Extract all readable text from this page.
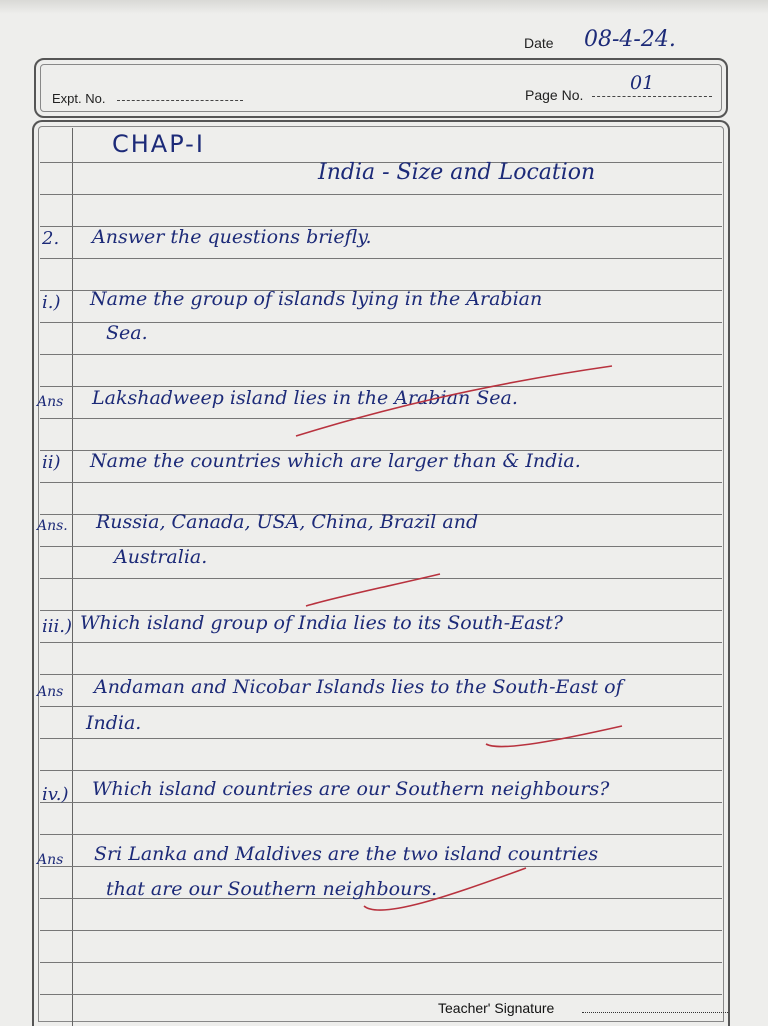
Date 08-4-24.
Expt. No.	Page No.
01
CHAP-I
India - Size and Location
2. Answer the questions briefly.
i.) Name the group of islands lying in the Arabian
Sea.
Ans Lakshadweep island lies in the Arabian Sea.
ii) Name the countries which are larger than & India.
Ans. Russia, Canada, USA, China, Brazil and
Australia.
iii.) Which island group of India lies to its South-East?
Ans Andaman and Nicobar Islands lies to the South-East of
India.
iv.) Which island countries are our Southern neighbours?
Ans Sri Lanka and Maldives are the two island countries
that are our Southern neighbours.
Teacher' Signature
